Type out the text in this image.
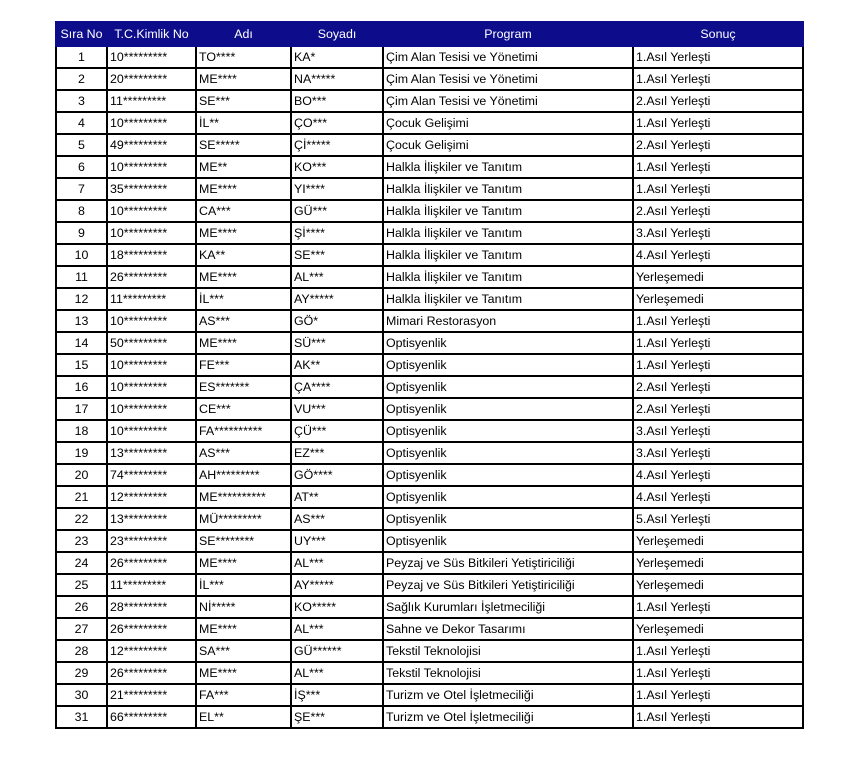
Sıra No	T.C.Kimlik No	Adı	Soyadı	Program	Sonuç
1	10*********	TO****	KA*	Çim Alan Tesisi ve Yönetimi	1.Asıl Yerleşti
2	20*********	ME****	NA*****	Çim Alan Tesisi ve Yönetimi	1.Asıl Yerleşti
3	11*********	SE***	BO***	Çim Alan Tesisi ve Yönetimi	2.Asıl Yerleşti
4	10*********	İL**	ÇO***	Çocuk Gelişimi	1.Asıl Yerleşti
5	49*********	SE*****	Çİ*****	Çocuk Gelişimi	2.Asıl Yerleşti
6	10*********	ME**	KO***	Halkla İlişkiler ve Tanıtım	1.Asıl Yerleşti
7	35*********	ME****	YI****	Halkla İlişkiler ve Tanıtım	1.Asıl Yerleşti
8	10*********	CA***	GÜ***	Halkla İlişkiler ve Tanıtım	2.Asıl Yerleşti
9	10*********	ME****	Şİ****	Halkla İlişkiler ve Tanıtım	3.Asıl Yerleşti
10	18*********	KA**	SE***	Halkla İlişkiler ve Tanıtım	4.Asıl Yerleşti
11	26*********	ME****	AL***	Halkla İlişkiler ve Tanıtım	Yerleşemedi
12	11*********	İL***	AY*****	Halkla İlişkiler ve Tanıtım	Yerleşemedi
13	10*********	AS***	GÖ*	Mimari Restorasyon	1.Asıl Yerleşti
14	50*********	ME****	SÜ***	Optisyenlik	1.Asıl Yerleşti
15	10*********	FE***	AK**	Optisyenlik	1.Asıl Yerleşti
16	10*********	ES*******	ÇA****	Optisyenlik	2.Asıl Yerleşti
17	10*********	CE***	VU***	Optisyenlik	2.Asıl Yerleşti
18	10*********	FA**********	ÇÜ***	Optisyenlik	3.Asıl Yerleşti
19	13*********	AS***	EZ***	Optisyenlik	3.Asıl Yerleşti
20	74*********	AH*********	GÖ****	Optisyenlik	4.Asıl Yerleşti
21	12*********	ME**********	AT**	Optisyenlik	4.Asıl Yerleşti
22	13*********	MÜ*********	AS***	Optisyenlik	5.Asıl Yerleşti
23	23*********	SE********	UY***	Optisyenlik	Yerleşemedi
24	26*********	ME****	AL***	Peyzaj ve Süs Bitkileri Yetiştiriciliği	Yerleşemedi
25	11*********	İL***	AY*****	Peyzaj ve Süs Bitkileri Yetiştiriciliği	Yerleşemedi
26	28*********	Nİ*****	KO*****	Sağlık Kurumları İşletmeciliği	1.Asıl Yerleşti
27	26*********	ME****	AL***	Sahne ve Dekor Tasarımı	Yerleşemedi
28	12*********	SA***	GÜ******	Tekstil Teknolojisi	1.Asıl Yerleşti
29	26*********	ME****	AL***	Tekstil Teknolojisi	1.Asıl Yerleşti
30	21*********	FA***	İŞ***	Turizm ve Otel İşletmeciliği	1.Asıl Yerleşti
31	66*********	EL**	ŞE***	Turizm ve Otel İşletmeciliği	1.Asıl Yerleşti
